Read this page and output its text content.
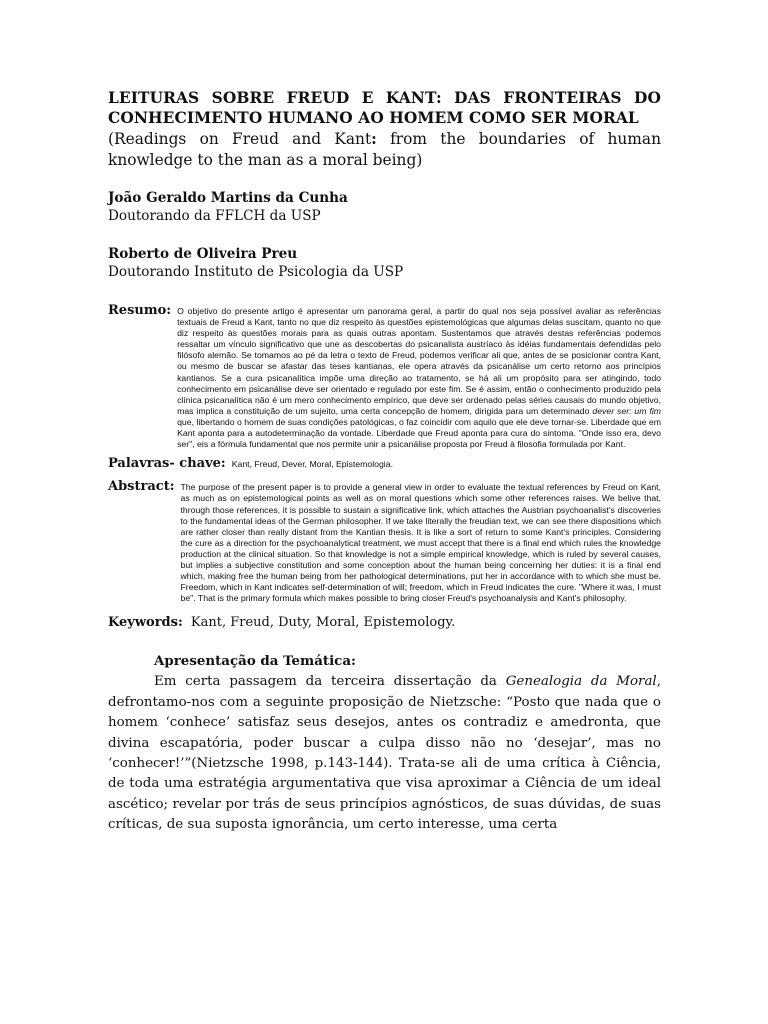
LEITURAS SOBRE FREUD E KANT: DAS FRONTEIRAS DO

CONHECIMENTO HUMANO AO HOMEM COMO SER MORAL

(Readings on Freud and Kant: from the boundaries of human knowledge to the man as a moral being)

João Geraldo Martins da Cunha
Doutorando da FFLCH da USP
Roberto de Oliveira Preu
Doutorando Instituto de Psicologia da USP
Resumo: O objetivo do presente artigo é apresentar um panorama geral, a partir do qual nos seja possível avaliar as referências textuais de Freud a Kant, tanto no que diz respeito às questões epistemológicas que algumas delas suscitam, quanto no que diz respeito às questões morais para as quais outras apontam. Sustentamos que através destas referências podemos ressaltar um vínculo significativo que une as descobertas do psicanalista austríaco às idéias fundamentais defendidas pelo filósofo alemão. Se tomamos ao pé da letra o texto de Freud, podemos verificar ali que, antes de se posicionar contra Kant, ou mesmo de buscar se afastar das teses kantianas, ele opera através da psicanálise um certo retorno aos princípios kantianos. Se a cura psicanalítica impõe uma direção ao tratamento, se há ali um propósito para ser atingindo, todo conhecimento em psicanálise deve ser orientado e regulado por este fim. Se é assim, então o conhecimento produzido pela clínica psicanalítica não é um mero conhecimento empírico, que deve ser ordenado pelas séries causais do mundo objetivo, mas implica a constituição de um sujeito, uma certa concepção de homem, dirigida para um determinado dever ser: um fim que, libertando o homem de suas condições patológicas, o faz coincidir com aquilo que ele deve tornar-se. Liberdade que em Kant aponta para a autodeterminação da vontade. Liberdade que Freud aponta para cura do sintoma. "Onde isso era, devo ser", eis a fórmula fundamental que nos permite unir a psicanálise proposta por Freud à filosofia formulada por Kant.
Palavras- chave: Kant, Freud, Dever, Moral, Epistemologia.
Abstract: The purpose of the present paper is to provide a general view in order to evaluate the textual references by Freud on Kant, as much as on epistemological points as well as on moral questions which some other references raises. We belive that, through those references, it is possible to sustain a significative link, which attaches the Austrian psychoanalist's discoveries to the fundamental ideas of the German philosopher. If we take literally the freudian text, we can see there dispositions which are rather closer than really distant from the Kantian thesis. It is like a sort of return to some Kant's principles. Considering the cure as a direction for the psychoanalytical treatment, we must accept that there is a final end which rules the knowledge production at the clinical situation. So that knowledge is not a simple empirical knowledge, which is ruled by several causes, but implies a subjective constitution and some conception about the human being concerning her duties: it is a final end which, making free the human being from her pathological determinations, put her in accordance with to which she must be. Freedom, which in Kant indicates self-determination of will; freedom, which in Freud indicates the cure. "Where it was, I must be". That is the primary formula which makes possible to bring closer Freud's psychoanalysis and Kant's philosophy.
Keywords: Kant, Freud, Duty, Moral, Epistemology.
Apresentação da Temática:

Em certa passagem da terceira dissertação da Genealogia da Moral, defrontamo-nos com a seguinte proposição de Nietzsche: “Posto que nada que o homem ‘conhece’ satisfaz seus desejos, antes os contradiz e amedronta, que divina escapatória, poder buscar a culpa disso não no ‘desejar’, mas no ‘conhecer!’”(Nietzsche 1998, p.143-144). Trata-se ali de uma crítica à Ciência, de toda uma estratégia argumentativa que visa aproximar a Ciência de um ideal ascético; revelar por trás de seus princípios agnósticos, de suas dúvidas, de suas críticas, de sua suposta ignorância, um certo interesse, uma certa
